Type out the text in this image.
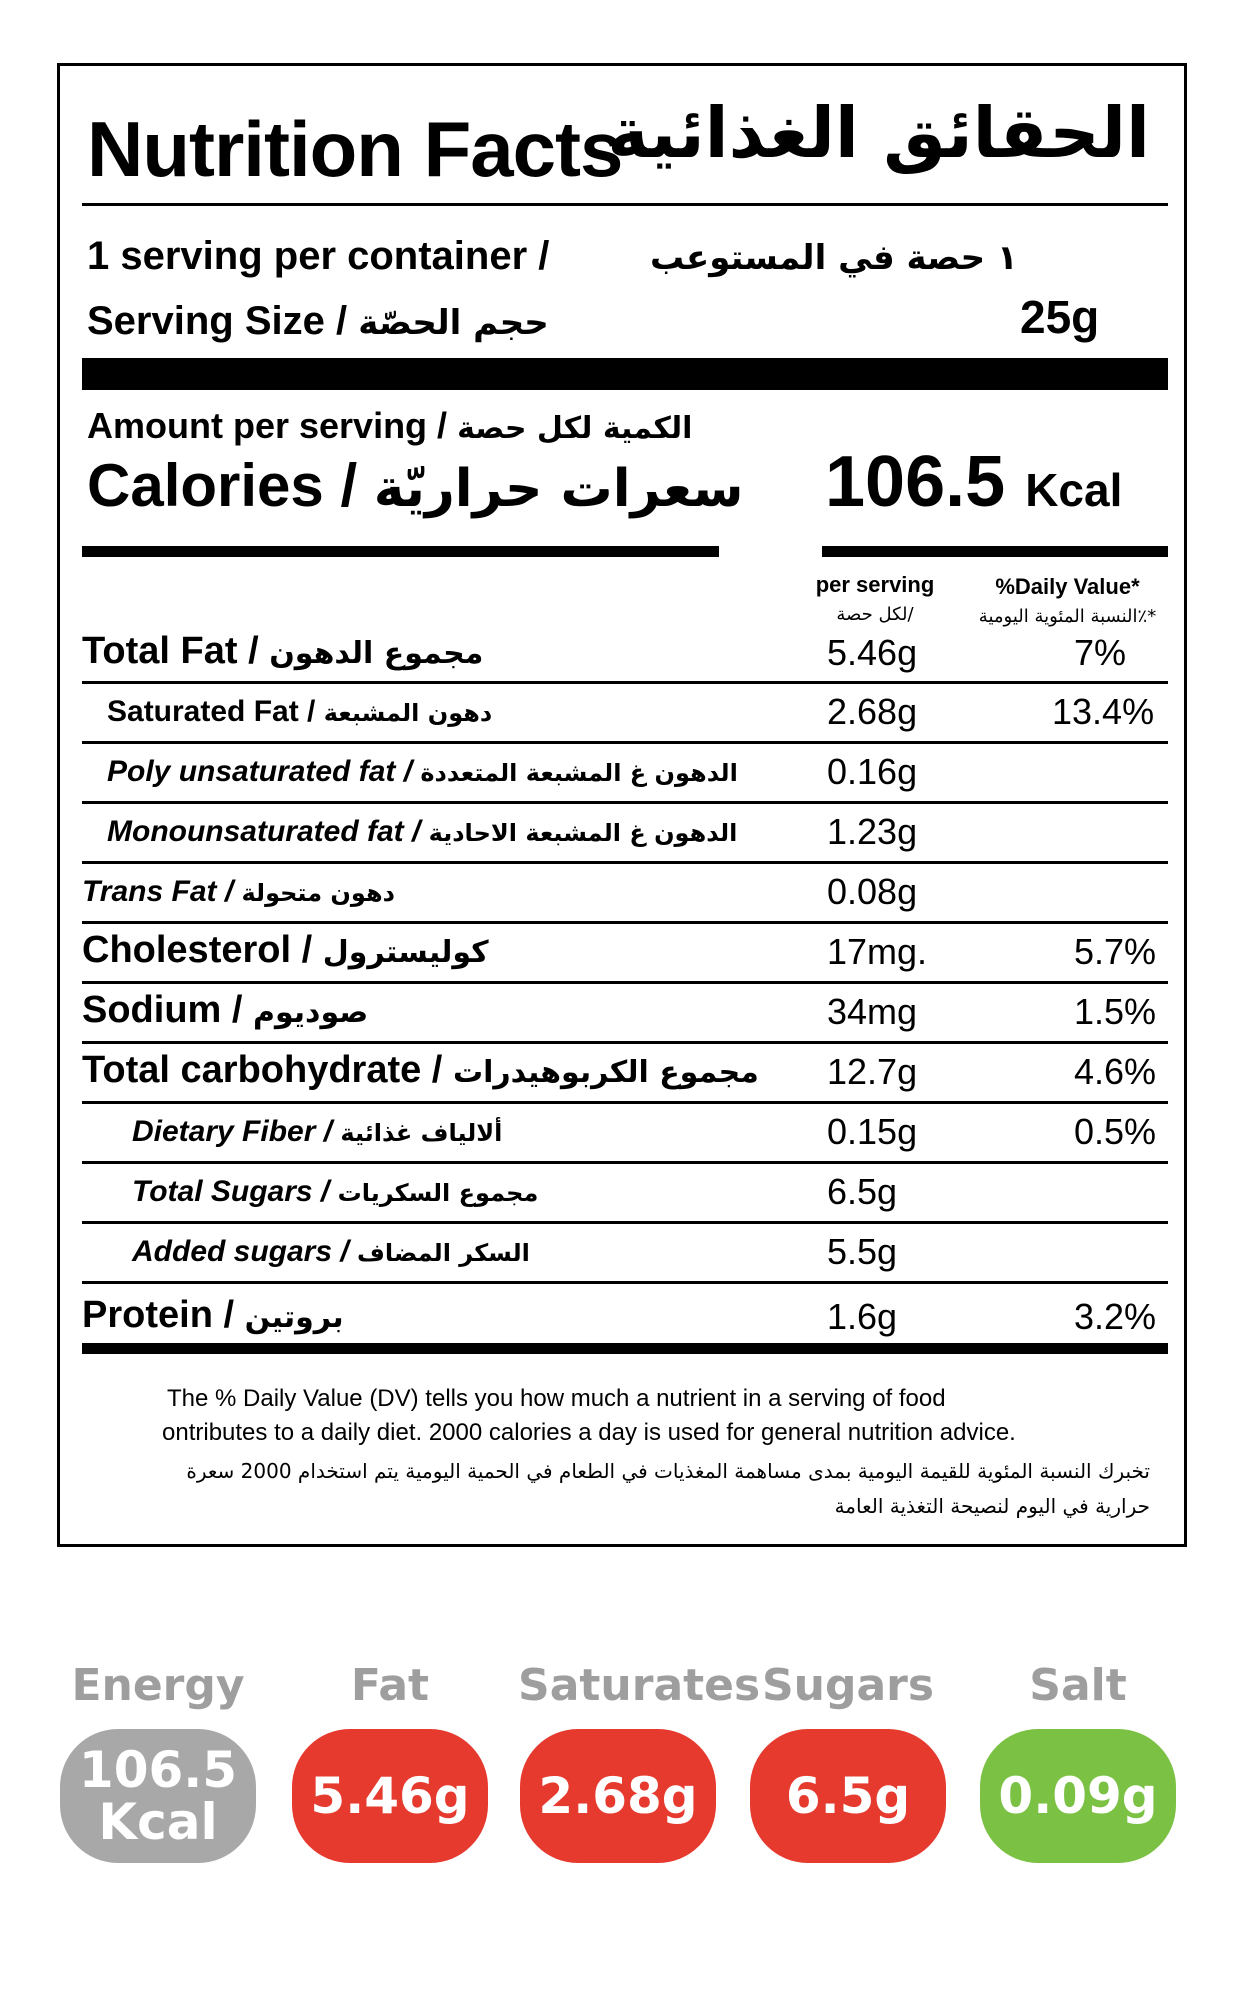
Nutrition Facts
الحقائق الغذائية
1 serving per container /	١ حصة في المستوعب
Serving Size / حجم الحصّة	25g
Amount per serving / الكمية لكل حصة
Calories / سعرات حراريّة 106.5 Kcal
per serving
لكل حصة/
%Daily Value*
النسبة المئوية اليومية٪*
Total Fat / مجموع الدهون	5.46g	7%
Saturated Fat / دهون المشبعة	2.68g	13.4%
Poly unsaturated fat / الدهون غ المشبعة المتعددة 0.16g
Monounsaturated fat / الدهون غ المشبعة الاحادية 1.23g
Trans Fat / دهون متحولة	0.08g
Cholesterol / كوليسترول	17mg.	5.7%
Sodium / صوديوم	34mg	1.5%
Total carbohydrate / مجموع الكربوهيدرات 12.7g	4.6%
Dietary Fiber / ألالياف غذائية	0.15g	0.5%
Total Sugars / مجموع السكريات	6.5g
Added sugars / السكر المضاف	5.5g
Protein / بروتين	1.6g	3.2%
The % Daily Value (DV) tells you how much a nutrient in a serving of food
ontributes to a daily diet. 2000 calories a day is used for general nutrition advice.
تخبرك النسبة المئوية للقيمة اليومية بمدى مساهمة المغذيات في الطعام في الحمية اليومية يتم استخدام 2000 سعرة
حرارية في اليوم لنصيحة التغذية العامة
Energy
106.5
Kcal
Fat
5.46g
Saturates
2.68g
Sugars
6.5g
Salt
0.09g
